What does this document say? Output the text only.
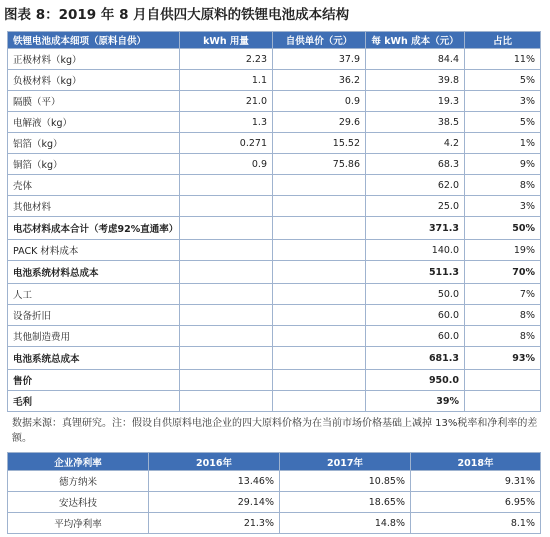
图表 8：2019 年 8 月自供四大原料的铁锂电池成本结构
铁锂电池成本细项（原料自供）	kWh 用量	自供单价（元）	每 kWh 成本（元）	占比
正极材料（kg）	2.23	37.9	84.4	11%
负极材料（kg）	1.1	36.2	39.8	5%
隔膜（平）	21.0	0.9	19.3	3%
电解液（kg）	1.3	29.6	38.5	5%
铝箔（kg）	0.271	15.52	4.2	1%
铜箔（kg）	0.9	75.86	68.3	9%
壳体			62.0	8%
其他材料			25.0	3%
电芯材料成本合计（考虑92%直通率）			371.3	50%
PACK 材料成本			140.0	19%
电池系统材料总成本			511.3	70%
人工			50.0	7%
设备折旧			60.0	8%
其他制造费用			60.0	8%
电池系统总成本			681.3	93%
售价			950.0	
毛利			39%	
数据来源：真锂研究。注：假设自供原料电池企业的四大原料价格为在当前市场价格基础上减掉 13%税率和净利率的差额。
企业净利率	2016年	2017年	2018年
德方纳米	13.46%	10.85%	9.31%
安达科技	29.14%	18.65%	6.95%
平均净利率	21.3%	14.8%	8.1%
